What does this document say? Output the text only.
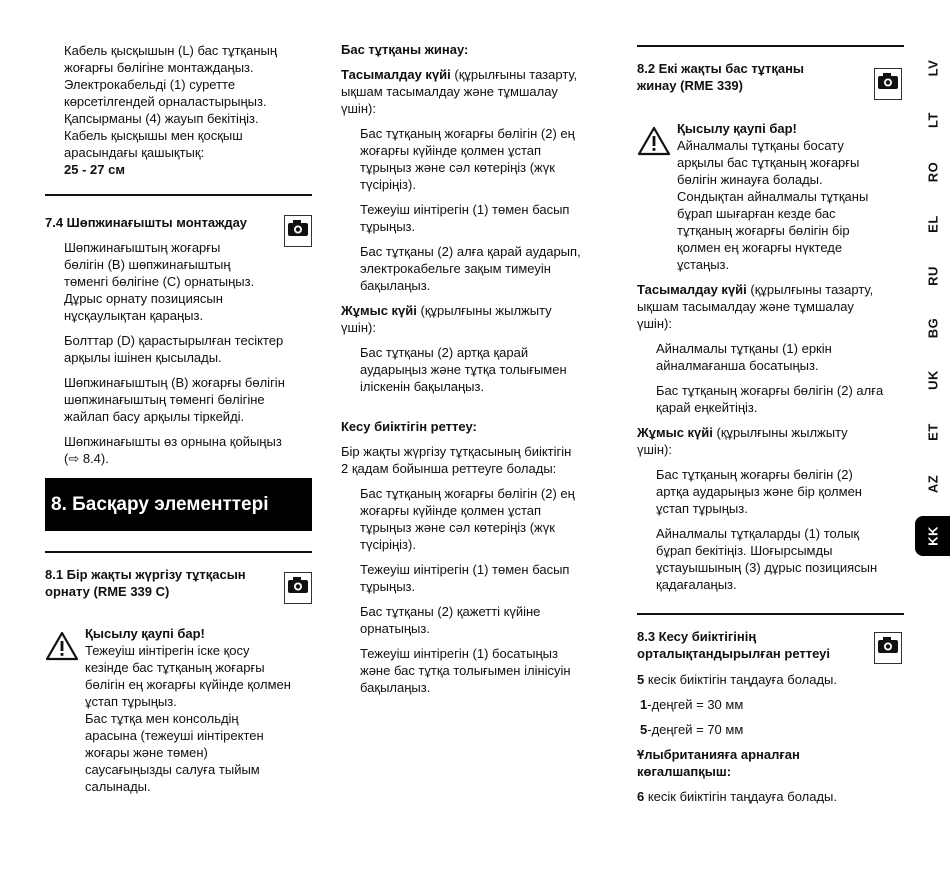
Кабель қысқышын (L) бас тұтқаның
жоғарғы бөлігіне монтаждаңыз.
Электрокабельді (1) суретте
көрсетілгендей орналастырыңыз.
Қапсырманы (4) жауып бекітіңіз.
Кабель қысқышы мен қосқыш
арасындағы қашықтық:
25 - 27 см
7.4 Шөпжинағышты монтаждау
Шөпжинағыштың жоғарғы
бөлігін (B) шөпжинағыштың
төменгі бөлігіне (C) орнатыңыз.
Дұрыс орнату позициясын
нұсқаулықтан қараңыз.
Болттар (D) қарастырылған тесіктер
арқылы ішінен қысылады.
Шөпжинағыштың (B) жоғарғы бөлігін
шөпжинағыштың төменгі бөлігіне
жайлап басу арқылы тіркейді.
Шөпжинағышты өз орнына қойыңыз
(⇨ 8.4).
8. Басқару элементтері
8.1 Бір жақты жүргізу тұтқасын
орнату (RME 339 C)
Қысылу қаупі бар!
Тежеуіш иінтірегін іске қосу
кезінде бас тұтқаның жоғарғы
бөлігін ең жоғарғы күйінде қолмен
ұстап тұрыңыз.
Бас тұтқа мен консольдің
арасына (тежеуші иінтіректен
жоғары және төмен)
саусағыңызды салуға тыйым
салынады.
Бас тұтқаны жинау:
Тасымалдау күйі (құрылғыны тазарту,
ықшам тасымалдау және тұмшалау
үшін):
Бас тұтқаның жоғарғы бөлігін (2) ең
жоғарғы күйінде қолмен ұстап
тұрыңыз және сәл көтеріңіз (жүк
түсіріңіз).
Тежеуіш иінтірегін (1) төмен басып
тұрыңыз.
Бас тұтқаны (2) алға қарай аударып,
электрокабельге зақым тимеуін
бақылаңыз.
Жұмыс күйі (құрылғыны жылжыту
үшін):
Бас тұтқаны (2) артқа қарай
аударыңыз және тұтқа толығымен
іліскенін бақылаңыз.
Кесу биіктігін реттеу:
Бір жақты жүргізу тұтқасының биіктігін
2 қадам бойынша реттеуге болады:
Бас тұтқаның жоғарғы бөлігін (2) ең
жоғарғы күйінде қолмен ұстап
тұрыңыз және сәл көтеріңіз (жүк
түсіріңіз).
Тежеуіш иінтірегін (1) төмен басып
тұрыңыз.
Бас тұтқаны (2) қажетті күйіне
орнатыңыз.
Тежеуіш иінтірегін (1) босатыңыз
және бас тұтқа толығымен ілінісуін
бақылаңыз.
8.2 Екі жақты бас тұтқаны
жинау (RME 339)
Қысылу қаупі бар!
Айналмалы тұтқаны босату
арқылы бас тұтқаның жоғарғы
бөлігін жинауға болады.
Сондықтан айналмалы тұтқаны
бұрап шығарған кезде бас
тұтқаның жоғарғы бөлігін бір
қолмен ең жоғарғы нүктеде
ұстаңыз.
Тасымалдау күйі (құрылғыны тазарту,
ықшам тасымалдау және тұмшалау
үшін):
Айналмалы тұтқаны (1) еркін
айналмағанша босатыңыз.
Бас тұтқаның жоғарғы бөлігін (2) алға
қарай еңкейтіңіз.
Жұмыс күйі (құрылғыны жылжыту
үшін):
Бас тұтқаның жоғарғы бөлігін (2)
артқа аударыңыз және бір қолмен
ұстап тұрыңыз.
Айналмалы тұтқаларды (1) толық
бұрап бекітіңіз. Шоғырсымды
ұстауышының (3) дұрыс позициясын
қадағалаңыз.
8.3 Кесу биіктігінің
орталықтандырылған реттеуі
5 кесік биіктігін таңдауға болады.
1-деңгей = 30 мм
5-деңгей = 70 мм
Ұлыбританияға арналған
көгалшапқыш:
6 кесік биіктігін таңдауға болады.
LV
LT
RO
EL
RU
BG
UK
ET
AZ
KK
